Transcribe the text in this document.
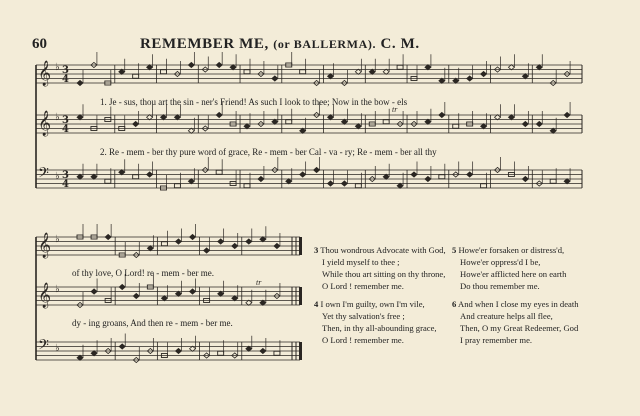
60	REMEMBER ME, (or BALLERMA). C. M.
𝄞 ♭ 3
4
𝄞 ♭ 3
4
𝄢 ♭ 3
4
𝄞 ♭
𝄞 ♭
𝄢 ♭
tr
tr
1. Je - sus, thou art the sin - ner's Friend! As such I look to thee; Now in the bow - els
2. Re - mem - ber thy pure word of grace, Re - mem - ber Cal - va - ry; Re - mem - ber all thy
of thy love, O Lord! re - mem - ber me.
dy - ing groans, And then re - mem - ber me.
3 Thou wondrous Advocate with God,
I yield myself to thee ;
While thou art sitting on thy throne,
O Lord ! remember me.
4 I own I'm guilty, own I'm vile,
Yet thy salvation's free ;
Then, in thy all-abounding grace,
O Lord ! remember me.
5 Howe'er forsaken or distress'd,
Howe'er oppress'd I be,
Howe'er afflicted here on earth
Do thou remember me.
6 And when I close my eyes in death
And creature helps all flee,
Then, O my Great Redeemer, God
I pray remember me.
